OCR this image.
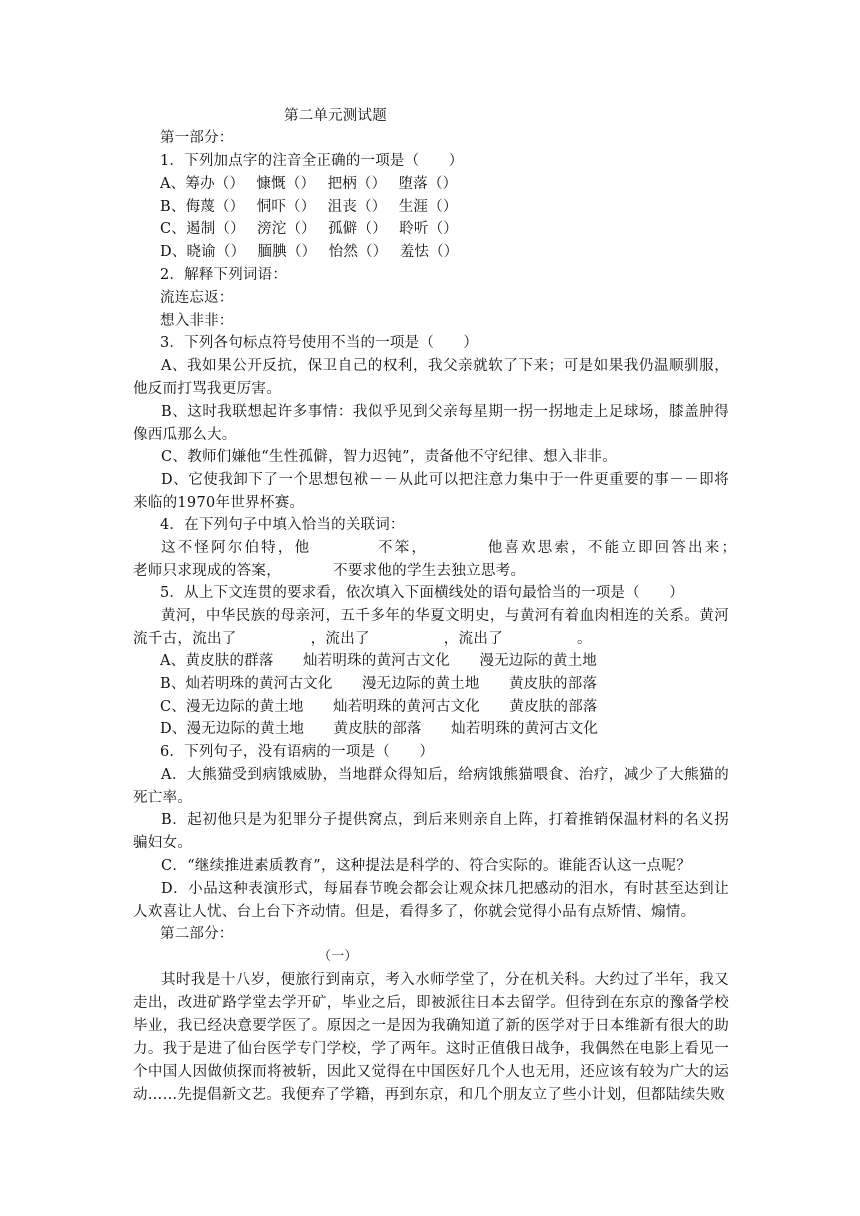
第二单元测试题
第一部分：
1．下列加点字的注音全正确的一项是（　　）
A、筹办（）　 慷慨（）　 把柄（）　 堕落（）
B、侮蔑（）　 恫吓（）　 沮丧（）　 生涯（）
C、遏制（）　 滂沱（）　 孤僻（）　 聆听（）
D、晓谕（）　 腼腆（）　 怡然（）　 羞怯（）
2．解释下列词语：
流连忘返：
想入非非：
3．下列各句标点符号使用不当的一项是（　　）
A、我如果公开反抗，保卫自己的权利，我父亲就软了下来；可是如果我仍温顺驯服，他反而打骂我更厉害。
B、这时我联想起许多事情：我似乎见到父亲每星期一拐一拐地走上足球场，膝盖肿得像西瓜那么大。
C、教师们嫌他“生性孤僻，智力迟钝”，责备他不守纪律、想入非非。
D、它使我卸下了一个思想包袱－－从此可以把注意力集中于一件更重要的事－－即将来临的1970年世界杯赛。
4．在下列句子中填入恰当的关联词：
这不怪阿尔伯特，他　　　　不笨，　　　　他喜欢思索，不能立即回答出来；　　　　老师只求现成的答案，　　　　不要求他的学生去独立思考。
5．从上下文连贯的要求看，依次填入下面横线处的语句最恰当的一项是（　　）
黄河，中华民族的母亲河，五千多年的华夏文明史，与黄河有着血肉相连的关系。黄河流千古，流出了　　　　　，流出了　　　　　，流出了　　　　　。
A、黄皮肤的群落　　灿若明珠的黄河古文化　　漫无边际的黄土地
B、灿若明珠的黄河古文化　　漫无边际的黄土地　　黄皮肤的部落
C、漫无边际的黄土地　　灿若明珠的黄河古文化　　黄皮肤的部落
D、漫无边际的黄土地　　黄皮肤的部落　　灿若明珠的黄河古文化
6．下列句子，没有语病的一项是（　　）
A．大熊猫受到病饿威胁，当地群众得知后，给病饿熊猫喂食、治疗，减少了大熊猫的死亡率。
B．起初他只是为犯罪分子提供窝点，到后来则亲自上阵，打着推销保温材料的名义拐骗妇女。
C．“继续推进素质教育”，这种提法是科学的、符合实际的。谁能否认这一点呢？
D．小品这种表演形式，每届春节晚会都会让观众抹几把感动的泪水，有时甚至达到让人欢喜让人忧、台上台下齐动情。但是，看得多了，你就会觉得小品有点矫情、煽情。
第二部分：
（一）
其时我是十八岁，便旅行到南京，考入水师学堂了，分在机关科。大约过了半年，我又走出，改进矿路学堂去学开矿，毕业之后，即被派往日本去留学。但待到在东京的豫备学校毕业，我已经决意要学医了。原因之一是因为我确知道了新的医学对于日本维新有很大的助力。我于是进了仙台医学专门学校，学了两年。这时正值俄日战争，我偶然在电影上看见一个中国人因做侦探而将被斩，因此又觉得在中国医好几个人也无用，还应该有较为广大的运动……先提倡新文艺。我便弃了学籍，再到东京，和几个朋友立了些小计划，但都陆续失败
